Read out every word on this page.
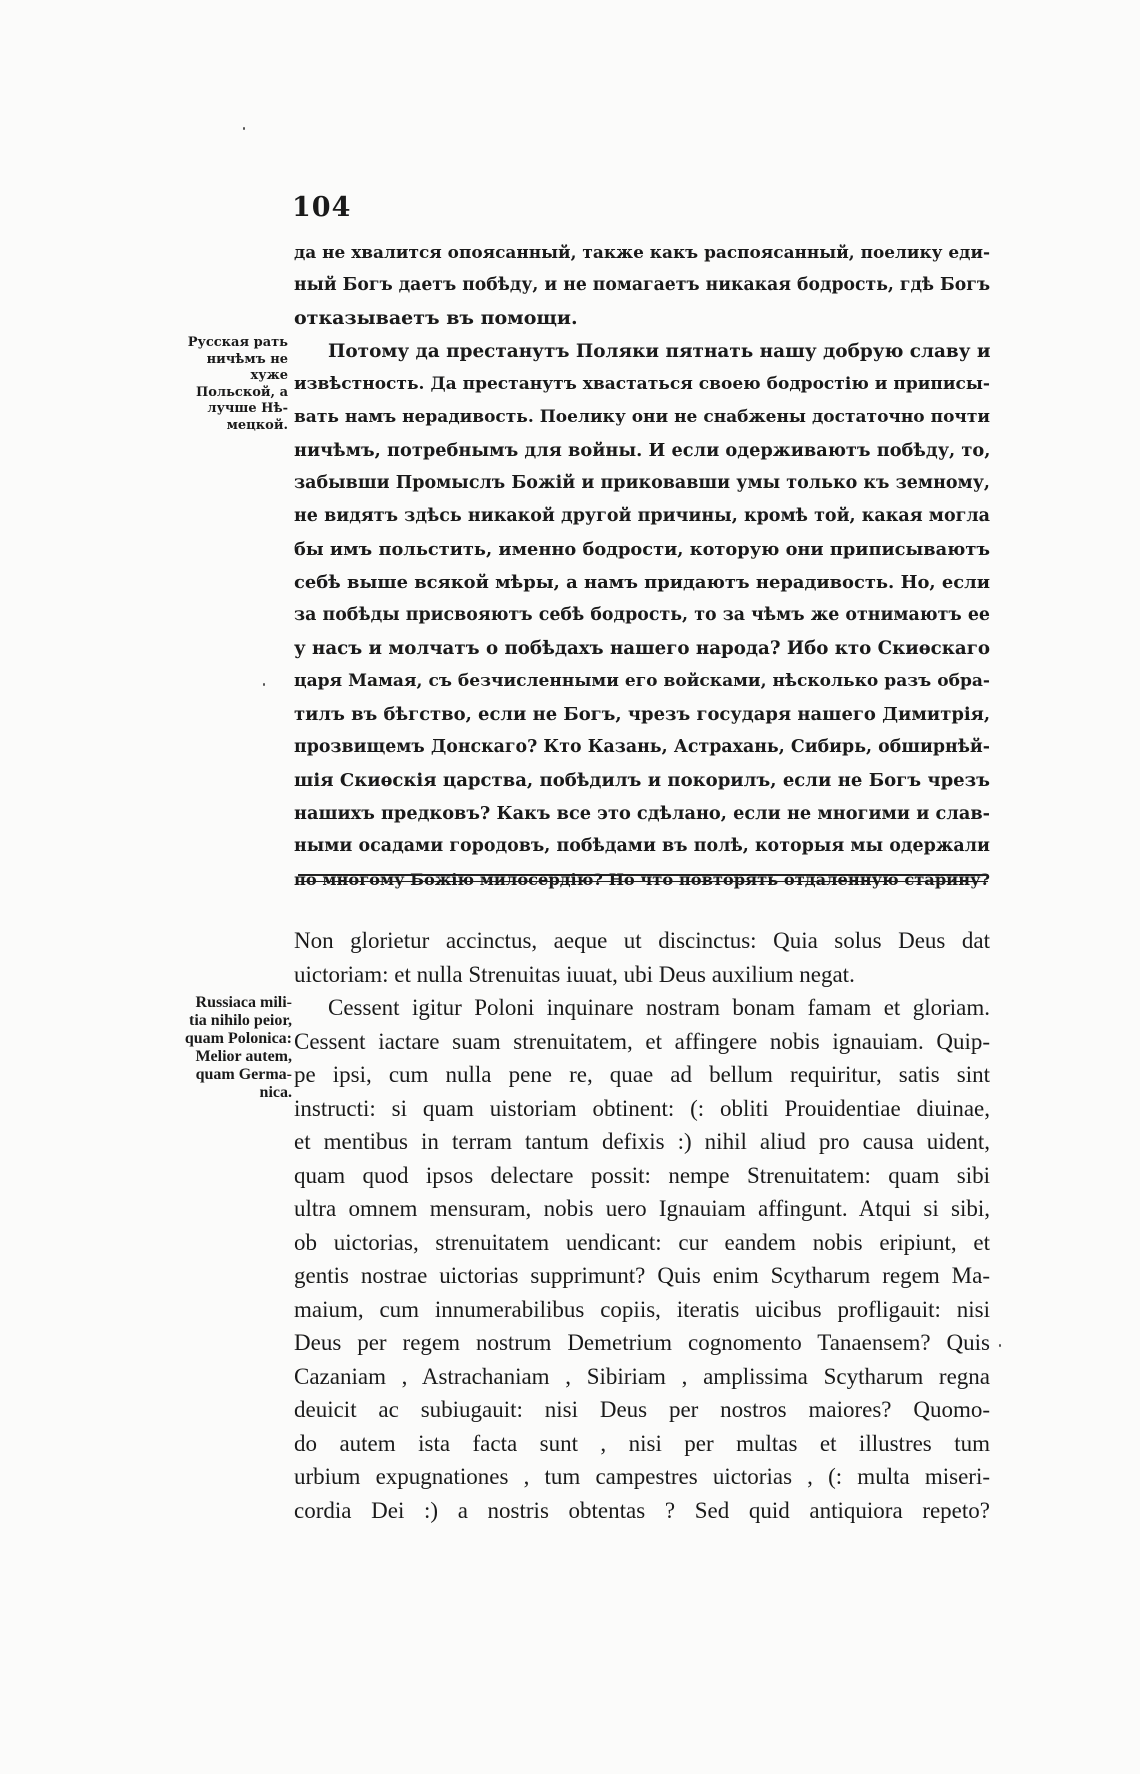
104
Русская рать
ничѣмъ не хуже
Польской, а
лучше Нѣ-
мецкой.
да не хвалится опоясанный, также какъ распоясанный, поелику еди-
ный Богъ даетъ побѣду, и не помагаетъ никакая бодрость, гдѣ Богъ
отказываетъ въ помощи.
Потому да престанутъ Поляки пятнать нашу добрую славу и
извѣстность. Да престанутъ хвастаться своею бодростію и приписы-
вать намъ нерадивость. Поелику они не снабжены достаточно почти
ничѣмъ, потребнымъ для войны. И если одерживаютъ побѣду, то,
забывши Промыслъ Божій и приковавши умы только къ земному,
не видятъ здѣсь никакой другой причины, кромѣ той, какая могла
бы имъ польстить, именно бодрости, которую они приписываютъ
себѣ выше всякой мѣры, а намъ придаютъ нерадивость. Но, если
за побѣды присвояютъ себѣ бодрость, то за чѣмъ же отнимаютъ ее
у насъ и молчатъ о побѣдахъ нашего народа? Ибо кто Скиѳскаго
царя Мамая, съ безчисленными его войсками, нѣсколько разъ обра-
тилъ въ бѣгство, если не Богъ, чрезъ государя нашего Димитрія,
прозвищемъ Донскаго? Кто Казань, Астрахань, Сибирь, обширнѣй-
шія Скиѳскія царства, побѣдилъ и покорилъ, если не Богъ чрезъ
нашихъ предковъ? Какъ все это сдѣлано, если не многими и слав-
ными осадами городовъ, побѣдами въ полѣ, которыя мы одержали
по многому Божію милосердію? Но что повторять отдаленную старину?
Russiaca mili-
tia nihilo peior,
quam Polonica:
Melior autem,
quam Germa-
nica.
Non glorietur accinctus, aeque ut discinctus: Quia solus Deus dat
uictoriam: et nulla Strenuitas iuuat, ubi Deus auxilium negat.
Cessent igitur Poloni inquinare nostram bonam famam et gloriam.
Cessent iactare suam strenuitatem, et affingere nobis ignauiam. Quip-
pe ipsi, cum nulla pene re, quae ad bellum requiritur, satis sint
instructi: si quam uistoriam obtinent: (: obliti Prouidentiae diuinae,
et mentibus in terram tantum defixis :) nihil aliud pro causa uident,
quam quod ipsos delectare possit: nempe Strenuitatem: quam sibi
ultra omnem mensuram, nobis uero Ignauiam affingunt. Atqui si sibi,
ob uictorias, strenuitatem uendicant: cur eandem nobis eripiunt, et
gentis nostrae uictorias supprimunt? Quis enim Scytharum regem Ma-
maium, cum innumerabilibus copiis, iteratis uicibus profligauit: nisi
Deus per regem nostrum Demetrium cognomento Tanaensem? Quis
Cazaniam , Astrachaniam , Sibiriam , amplissima Scytharum regna
deuicit ac subiugauit: nisi Deus per nostros maiores? Quomo-
do autem ista facta sunt , nisi per multas et illustres tum
urbium expugnationes , tum campestres uictorias , (: multa miseri-
cordia Dei :) a nostris obtentas ? Sed quid antiquiora repeto?
